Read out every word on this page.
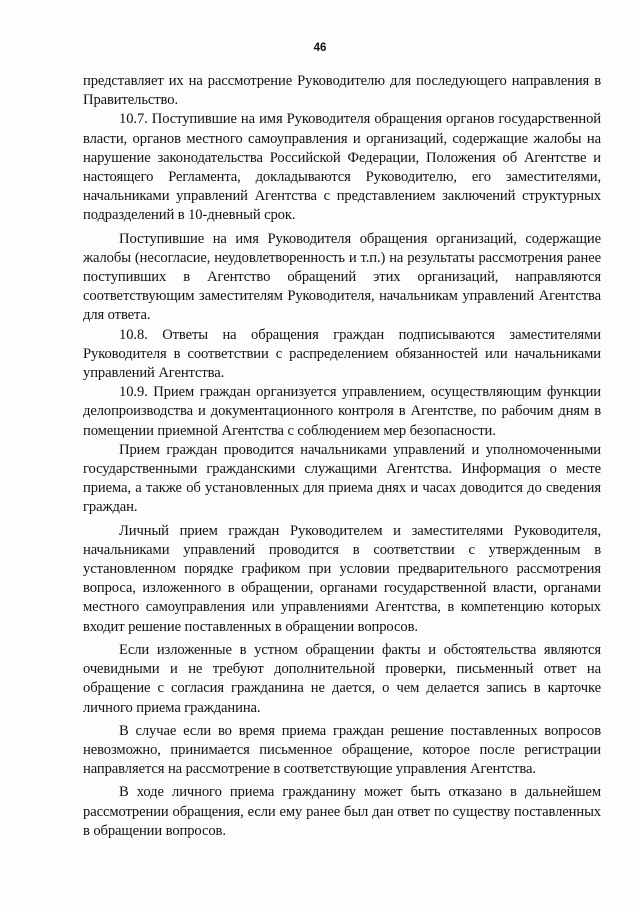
46

представляет их на рассмотрение Руководителю для последующего направления в Правительство.

10.7. Поступившие на имя Руководителя обращения органов государственной власти, органов местного самоуправления и организаций, содержащие жалобы на нарушение законодательства Российской Федерации, Положения об Агентстве и настоящего Регламента, докладываются Руководителю, его заместителями, начальниками управлений Агентства с представлением заключений структурных подразделений в 10-дневный срок.

Поступившие на имя Руководителя обращения организаций, содержащие жалобы (несогласие, неудовлетворенность и т.п.) на результаты рассмотрения ранее поступивших в Агентство обращений этих организаций, направляются соответствующим заместителям Руководителя, начальникам управлений Агентства для ответа.

10.8. Ответы на обращения граждан подписываются заместителями Руководителя в соответствии с распределением обязанностей или начальниками управлений Агентства.

10.9. Прием граждан организуется управлением, осуществляющим функции делопроизводства и документационного контроля в Агентстве, по рабочим дням в помещении приемной Агентства с соблюдением мер безопасности.

Прием граждан проводится начальниками управлений и уполномоченными государственными гражданскими служащими Агентства. Информация о месте приема, а также об установленных для приема днях и часах доводится до сведения граждан.

Личный прием граждан Руководителем и заместителями Руководителя, начальниками управлений проводится в соответствии с утвержденным в установленном порядке графиком при условии предварительного рассмотрения вопроса, изложенного в обращении, органами государственной власти, органами местного самоуправления или управлениями Агентства, в компетенцию которых входит решение поставленных в обращении вопросов.

Если изложенные в устном обращении факты и обстоятельства являются очевидными и не требуют дополнительной проверки, письменный ответ на обращение с согласия гражданина не дается, о чем делается запись в карточке личного приема гражданина.

В случае если во время приема граждан решение поставленных вопросов невозможно, принимается письменное обращение, которое после регистрации направляется на рассмотрение в соответствующие управления Агентства.

В ходе личного приема гражданину может быть отказано в дальнейшем рассмотрении обращения, если ему ранее был дан ответ по существу поставленных в обращении вопросов.
